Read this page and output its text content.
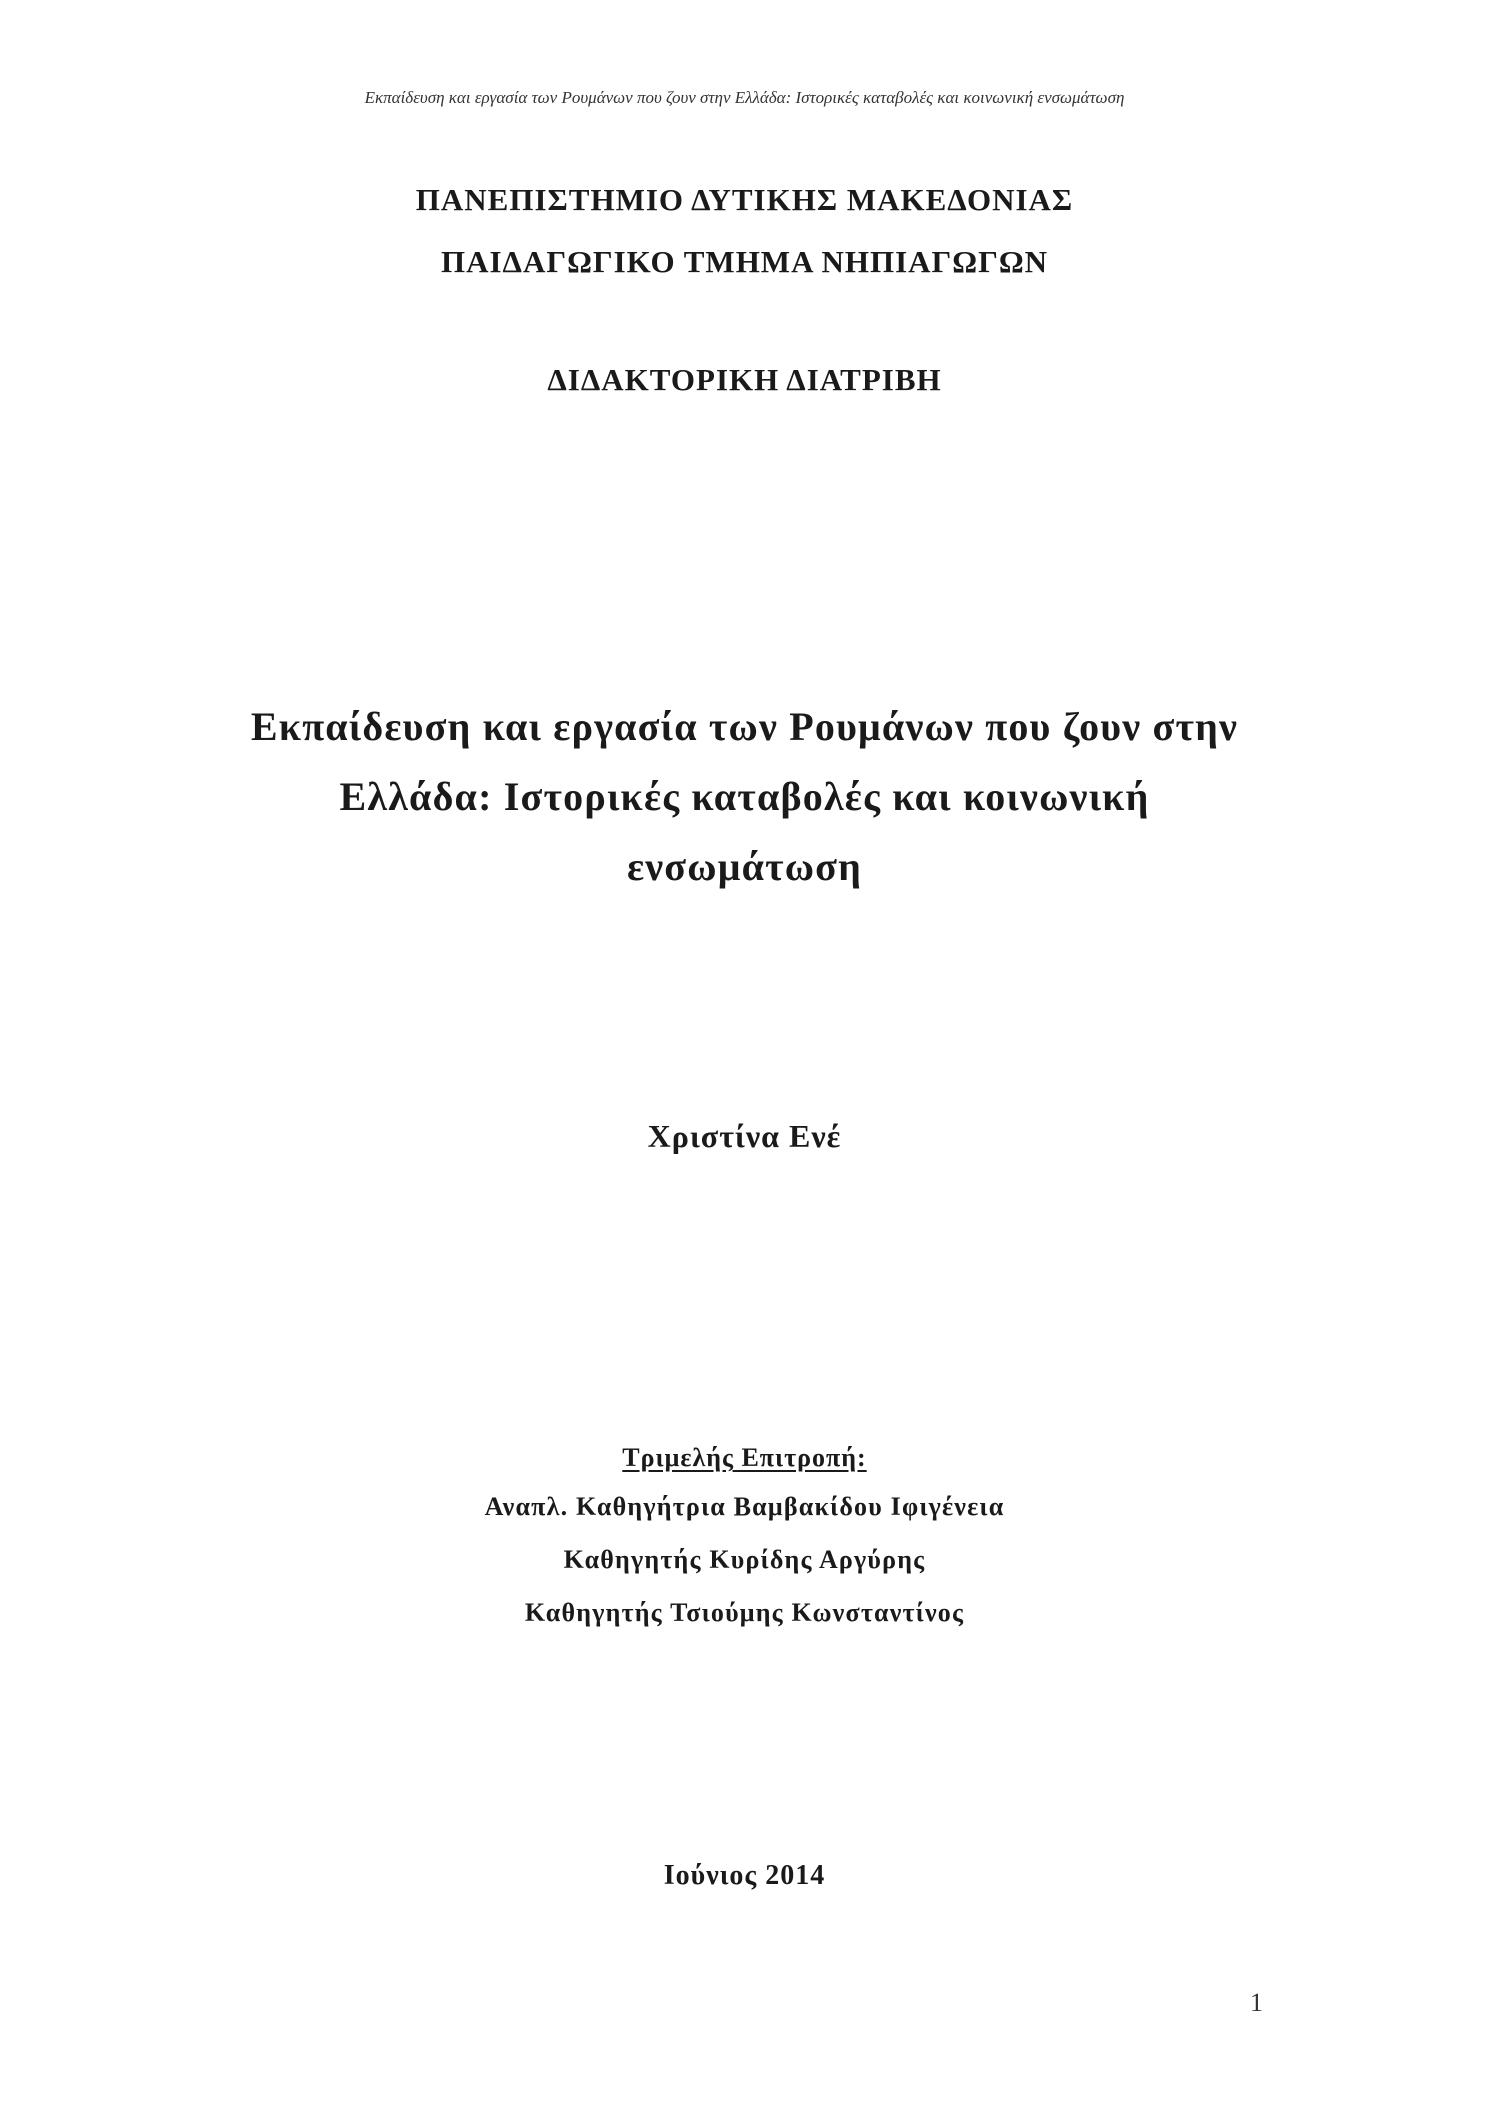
Εκπαίδευση και εργασία των Ρουμάνων που ζουν στην Ελλάδα: Ιστορικές καταβολές και κοινωνική ενσωμάτωση
ΠΑΝΕΠΙΣΤΗΜΙΟ ΔΥΤΙΚΗΣ ΜΑΚΕΔΟΝΙΑΣ
ΠΑΙΔΑΓΩΓΙΚΟ ΤΜΗΜΑ ΝΗΠΙΑΓΩΓΩΝ
ΔΙΔΑΚΤΟΡΙΚΗ ΔΙΑΤΡΙΒΗ
Εκπαίδευση και εργασία των Ρουμάνων που ζουν στην
Ελλάδα: Ιστορικές καταβολές και κοινωνική
ενσωμάτωση
Χριστίνα Ενέ
Τριμελής Επιτροπή:
Αναπλ. Καθηγήτρια Βαμβακίδου Ιφιγένεια
Καθηγητής Κυρίδης Αργύρης
Καθηγητής Τσιούμης Κωνσταντίνος
Ιούνιος 2014
1
